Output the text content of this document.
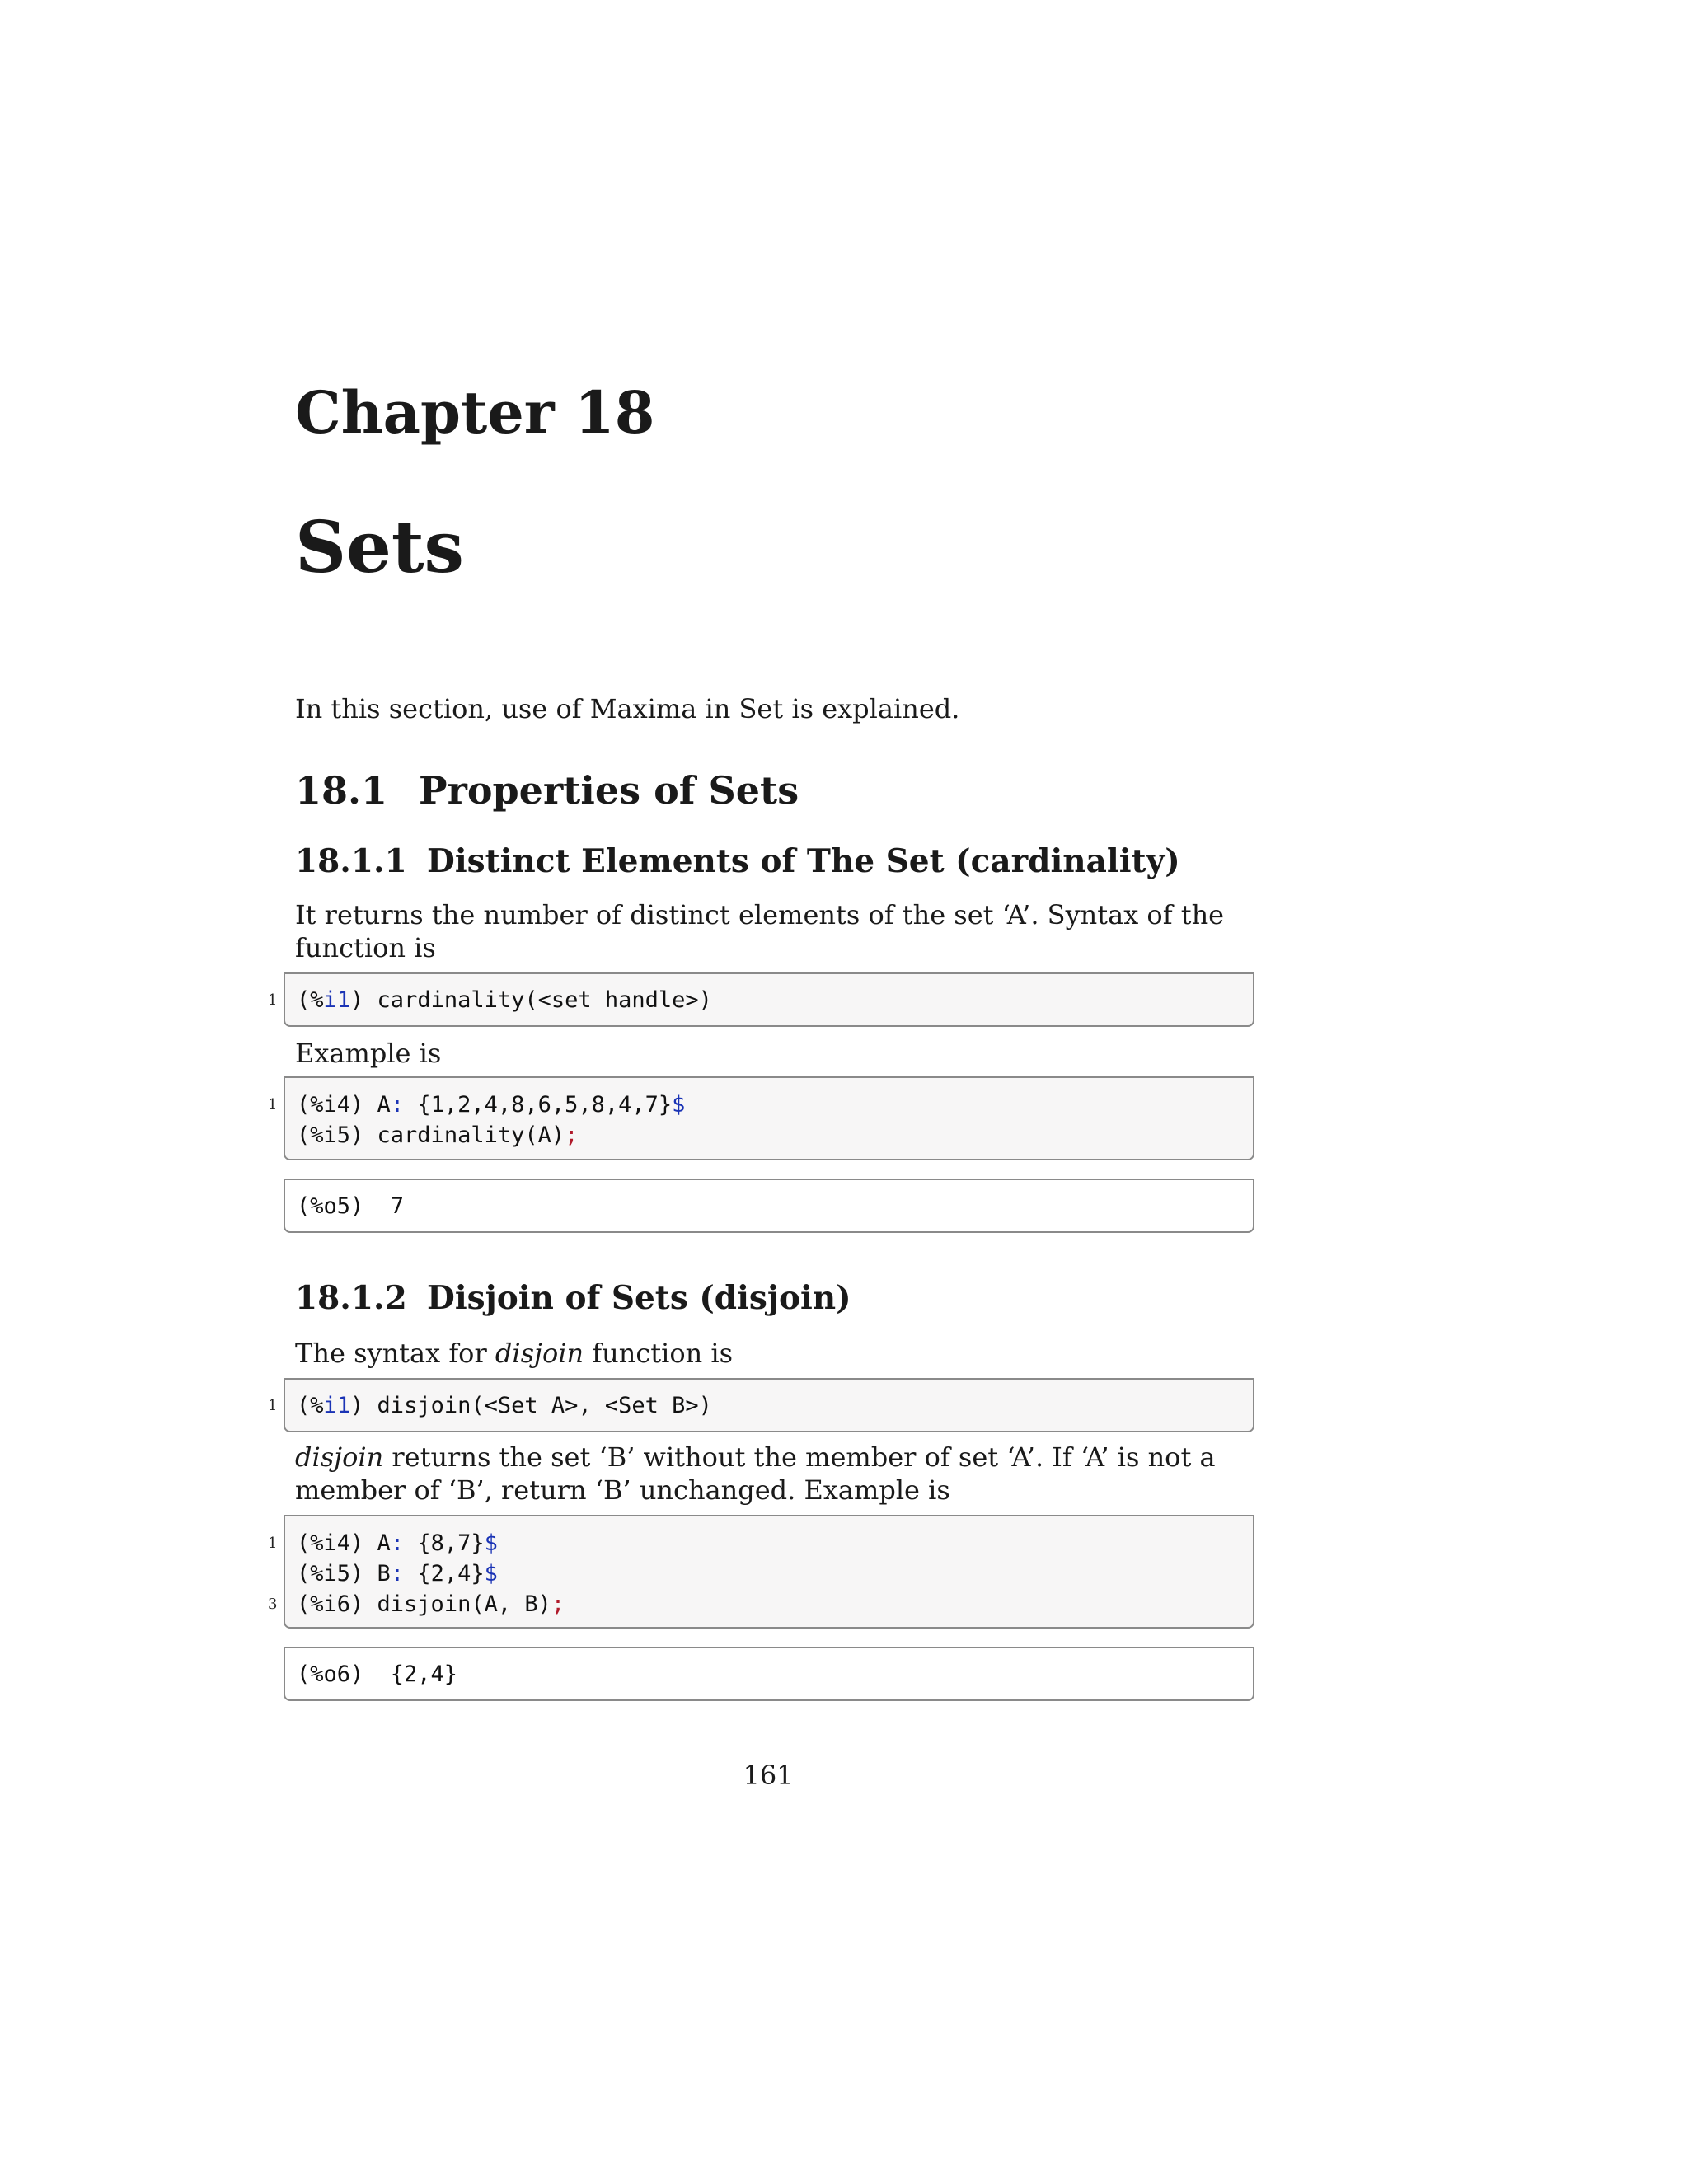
Chapter 18
Sets

In this section, use of Maxima in Set is explained.

18.1 Properties of Sets
18.1.1 Distinct Elements of The Set (cardinality)

It returns the number of distinct elements of the set ‘A’. Syntax of the function is

1 (%i1) cardinality(<set handle>)

Example is

1 (%i4) A: {1,2,4,8,6,5,8,4,7}$
(%i5) cardinality(A);
(%o5)  7
18.1.2 Disjoin of Sets (disjoin)

The syntax for disjoin function is

1 (%i1) disjoin(<Set A>, <Set B>)

disjoin returns the set ‘B’ without the member of set ‘A’. If ‘A’ is not a member of ‘B’, return ‘B’ unchanged. Example is

1 (%i4) A: {8,7}$
(%i5) B: {2,4}$
3 (%i6) disjoin(A, B);
(%o6)  {2,4}

161
